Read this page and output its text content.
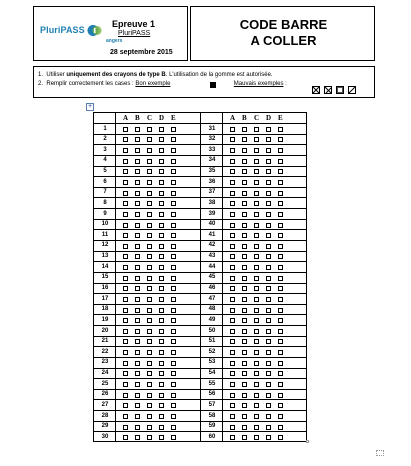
PluriPASS
angers
Epreuve 1
PluriPASS
28 septembre 2015
CODE BARRE
A COLLER
1. Utiliser uniquement des crayons de type B. L'utilisation de la gomme est autorisée.
2. Remplir correctement les cases : Bon exemple	Mauvais exemples :
+
A B C D E	A B C D E
1	31
2	32
3	33
4	34
5	35
6	36
7	37
8	38
9	39
10	40
11	41
12	42
13	43
14	44
15	45
16	46
17	47
18	48
19	49
20	50
21	51
22	52
23	53
24	54
25	55
26	56
27	57
28	58
29	59
30	60
